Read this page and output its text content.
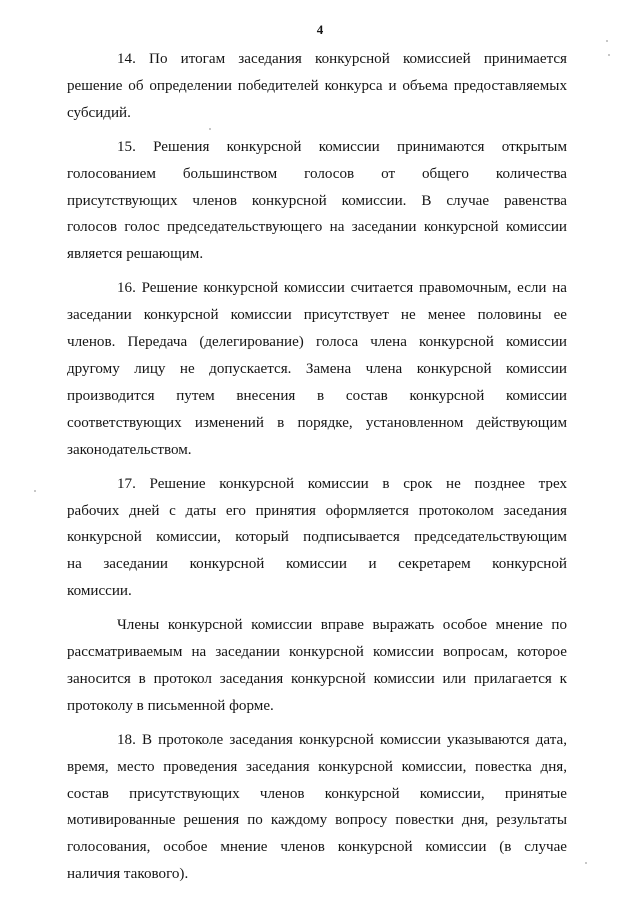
4

14. По итогам заседания конкурсной комиссией принимается
решение об определении победителей конкурса и объема предоставляемых
субсидий.

15. Решения конкурсной комиссии принимаются открытым
голосованием большинством голосов от общего количества
присутствующих членов конкурсной комиссии. В случае равенства
голосов голос председательствующего на заседании конкурсной комиссии
является решающим.

16. Решение конкурсной комиссии считается правомочным, если на
заседании конкурсной комиссии присутствует не менее половины ее
членов. Передача (делегирование) голоса члена конкурсной комиссии
другому лицу не допускается. Замена члена конкурсной комиссии
производится путем внесения в состав конкурсной комиссии
соответствующих изменений в порядке, установленном действующим
законодательством.

17. Решение конкурсной комиссии в срок не позднее трех
рабочих дней с даты его принятия оформляется протоколом заседания
конкурсной комиссии, который подписывается председательствующим
на заседании конкурсной комиссии и секретарем конкурсной
комиссии.

Члены конкурсной комиссии вправе выражать особое мнение по
рассматриваемым на заседании конкурсной комиссии вопросам, которое
заносится в протокол заседания конкурсной комиссии или прилагается к
протоколу в письменной форме.

18. В протоколе заседания конкурсной комиссии указываются дата,
время, место проведения заседания конкурсной комиссии, повестка дня,
состав присутствующих членов конкурсной комиссии, принятые
мотивированные решения по каждому вопросу повестки дня, результаты
голосования, особое мнение членов конкурсной комиссии (в случае
наличия такового).
